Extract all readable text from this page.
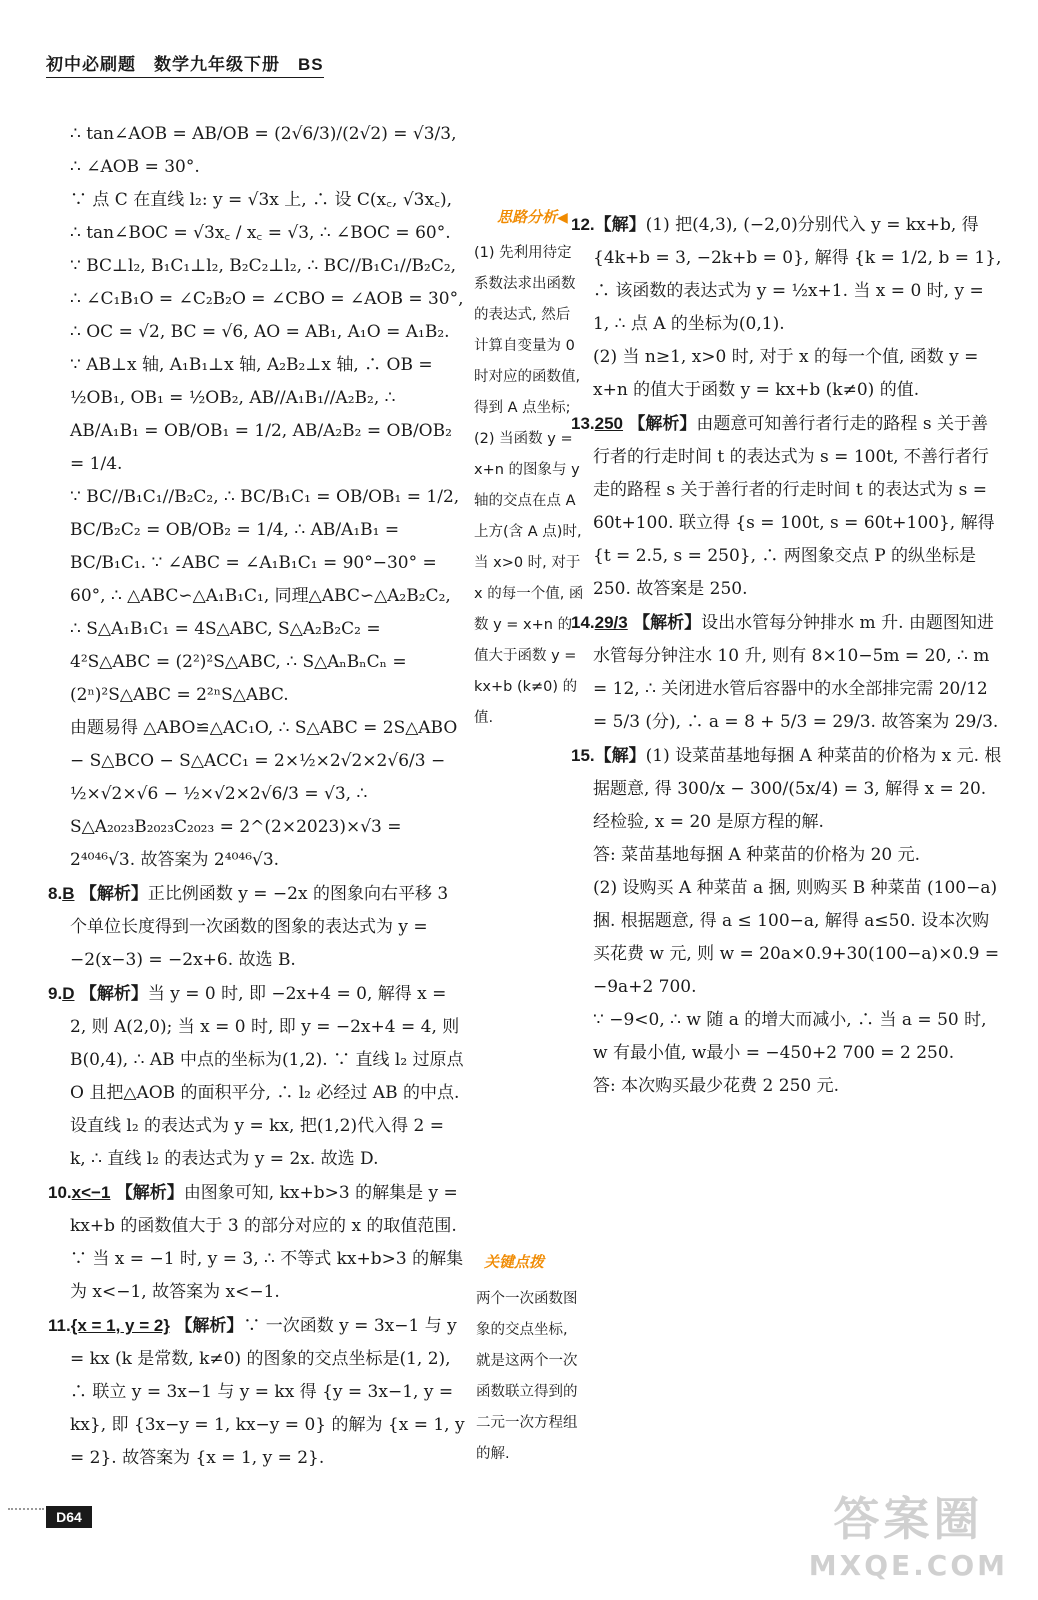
初中必刷题　数学九年级下册　BS

∴ tan∠AOB = AB/OB = (2√6/3)/(2√2) = √3/3, ∴ ∠AOB = 30°.

∵ 点 C 在直线 l₂: y = √3x 上, ∴ 设 C(x꜀, √3x꜀),

∴ tan∠BOC = √3x꜀ / x꜀ = √3, ∴ ∠BOC = 60°.

∵ BC⊥l₂, B₁C₁⊥l₂, B₂C₂⊥l₂, ∴ BC//B₁C₁//B₂C₂, ∴ ∠C₁B₁O = ∠C₂B₂O = ∠CBO = ∠AOB = 30°, ∴ OC = √2, BC = √6, AO = AB₁, A₁O = A₁B₂. ∵ AB⊥x 轴, A₁B₁⊥x 轴, A₂B₂⊥x 轴, ∴ OB = ½OB₁, OB₁ = ½OB₂, AB//A₁B₁//A₂B₂, ∴ AB/A₁B₁ = OB/OB₁ = 1/2, AB/A₂B₂ = OB/OB₂ = 1/4.

∵ BC//B₁C₁//B₂C₂, ∴ BC/B₁C₁ = OB/OB₁ = 1/2, BC/B₂C₂ = OB/OB₂ = 1/4, ∴ AB/A₁B₁ = BC/B₁C₁. ∵ ∠ABC = ∠A₁B₁C₁ = 90°−30° = 60°, ∴ △ABC∽△A₁B₁C₁, 同理△ABC∽△A₂B₂C₂, ∴ S△A₁B₁C₁ = 4S△ABC, S△A₂B₂C₂ = 4²S△ABC = (2²)²S△ABC, ∴ S△AₙBₙCₙ = (2ⁿ)²S△ABC = 2²ⁿS△ABC.

由题易得 △ABO≌△AC₁O, ∴ S△ABC = 2S△ABO − S△BCO − S△ACC₁ = 2×½×2√2×2√6/3 − ½×√2×√6 − ½×√2×2√6/3 = √3, ∴ S△A₂₀₂₃B₂₀₂₃C₂₀₂₃ = 2^(2×2023)×√3 = 2⁴⁰⁴⁶√3. 故答案为 2⁴⁰⁴⁶√3.

8.B 【解析】正比例函数 y = −2x 的图象向右平移 3 个单位长度得到一次函数的图象的表达式为 y = −2(x−3) = −2x+6. 故选 B.

9.D 【解析】当 y = 0 时, 即 −2x+4 = 0, 解得 x = 2, 则 A(2,0); 当 x = 0 时, 即 y = −2x+4 = 4, 则 B(0,4), ∴ AB 中点的坐标为(1,2). ∵ 直线 l₂ 过原点 O 且把△AOB 的面积平分, ∴ l₂ 必经过 AB 的中点. 设直线 l₂ 的表达式为 y = kx, 把(1,2)代入得 2 = k, ∴ 直线 l₂ 的表达式为 y = 2x. 故选 D.

10.x<−1 【解析】由图象可知, kx+b>3 的解集是 y = kx+b 的函数值大于 3 的部分对应的 x 的取值范围. ∵ 当 x = −1 时, y = 3, ∴ 不等式 kx+b>3 的解集为 x<−1, 故答案为 x<−1.

11.{x = 1, y = 2} 【解析】∵ 一次函数 y = 3x−1 与 y = kx (k 是常数, k≠0) 的图象的交点坐标是(1, 2), ∴ 联立 y = 3x−1 与 y = kx 得 {y = 3x−1, y = kx}, 即 {3x−y = 1, kx−y = 0} 的解为 {x = 1, y = 2}. 故答案为 {x = 1, y = 2}.

思路分析◀
(1) 先利用待定系数法求出函数的表达式, 然后计算自变量为 0 时对应的函数值, 得到 A 点坐标; (2) 当函数 y = x+n 的图象与 y 轴的交点在点 A 上方(含 A 点)时, 当 x>0 时, 对于 x 的每一个值, 函数 y = x+n 的值大于函数 y = kx+b (k≠0) 的值.
关键点拨
两个一次函数图象的交点坐标, 就是这两个一次函数联立得到的二元一次方程组的解.

12.【解】(1) 把(4,3), (−2,0)分别代入 y = kx+b, 得 {4k+b = 3, −2k+b = 0}, 解得 {k = 1/2, b = 1}, ∴ 该函数的表达式为 y = ½x+1. 当 x = 0 时, y = 1, ∴ 点 A 的坐标为(0,1).

(2) 当 n≥1, x>0 时, 对于 x 的每一个值, 函数 y = x+n 的值大于函数 y = kx+b (k≠0) 的值.

13.250 【解析】由题意可知善行者行走的路程 s 关于善行者的行走时间 t 的表达式为 s = 100t, 不善行者行走的路程 s 关于善行者的行走时间 t 的表达式为 s = 60t+100. 联立得 {s = 100t, s = 60t+100}, 解得 {t = 2.5, s = 250}, ∴ 两图象交点 P 的纵坐标是 250. 故答案是 250.

14.29/3 【解析】设出水管每分钟排水 m 升. 由题图知进水管每分钟注水 10 升, 则有 8×10−5m = 20, ∴ m = 12, ∴ 关闭进水管后容器中的水全部排完需 20/12 = 5/3 (分), ∴ a = 8 + 5/3 = 29/3. 故答案为 29/3.

15.【解】(1) 设菜苗基地每捆 A 种菜苗的价格为 x 元. 根据题意, 得 300/x − 300/(5x/4) = 3, 解得 x = 20. 经检验, x = 20 是原方程的解.

答: 菜苗基地每捆 A 种菜苗的价格为 20 元.

(2) 设购买 A 种菜苗 a 捆, 则购买 B 种菜苗 (100−a) 捆. 根据题意, 得 a ≤ 100−a, 解得 a≤50. 设本次购买花费 w 元, 则 w = 20a×0.9+30(100−a)×0.9 = −9a+2 700.

∵ −9<0, ∴ w 随 a 的增大而减小, ∴ 当 a = 50 时, w 有最小值, w最小 = −450+2 700 = 2 250.

答: 本次购买最少花费 2 250 元.

D64	答案圈
MXQE.COM
